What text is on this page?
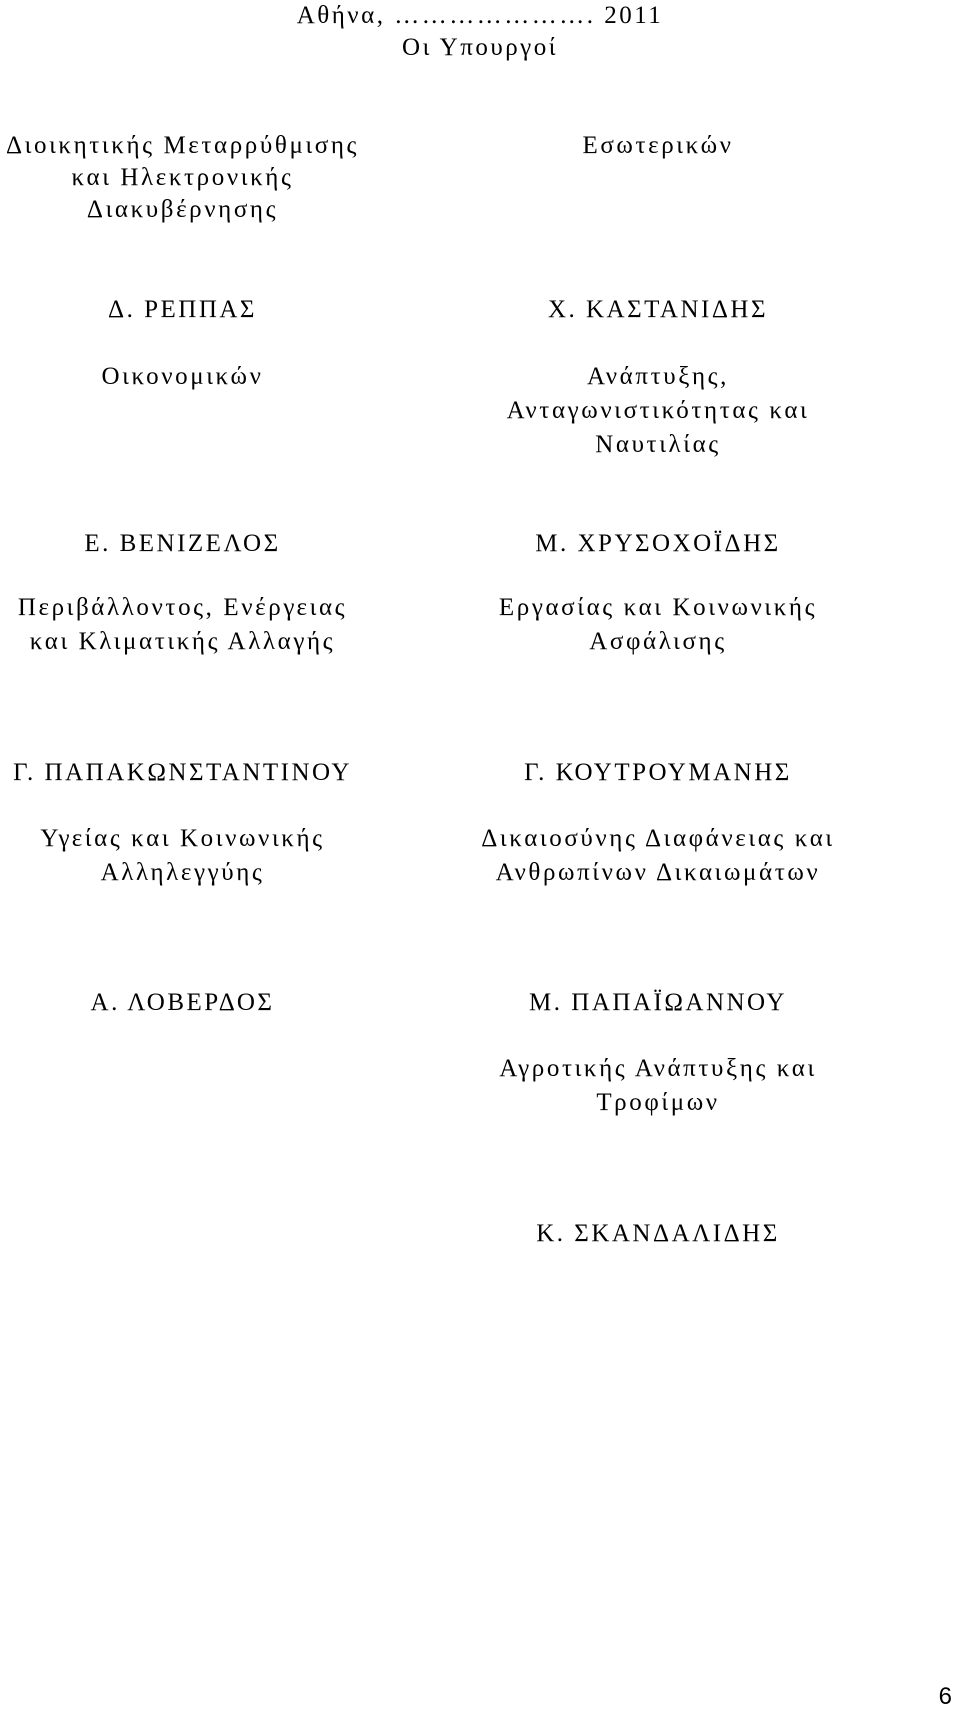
Αθήνα, …………………. 2011
Οι Υπουργοί
Διοικητικής Μεταρρύθμισης
και Ηλεκτρονικής
Διακυβέρνησης
Εσωτερικών
Δ. ΡΕΠΠΑΣ	Χ. ΚΑΣΤΑΝΙΔΗΣ
Οικονομικών	Ανάπτυξης,
Ανταγωνιστικότητας και
Ναυτιλίας
Ε. ΒΕΝΙΖΕΛΟΣ	Μ. ΧΡΥΣΟΧΟΪΔΗΣ
Περιβάλλοντος, Ενέργειας
και Κλιματικής Αλλαγής
Εργασίας και Κοινωνικής
Ασφάλισης
Γ. ΠΑΠΑΚΩΝΣΤΑΝΤΙΝΟΥ	Γ. ΚΟΥΤΡΟΥΜΑΝΗΣ
Υγείας και Κοινωνικής
Αλληλεγγύης
Δικαιοσύνης Διαφάνειας και
Ανθρωπίνων Δικαιωμάτων
Α. ΛΟΒΕΡΔΟΣ	Μ. ΠΑΠΑΪΩΑΝΝΟΥ
Αγροτικής Ανάπτυξης και
Τροφίμων
Κ. ΣΚΑΝΔΑΛΙΔΗΣ
6
